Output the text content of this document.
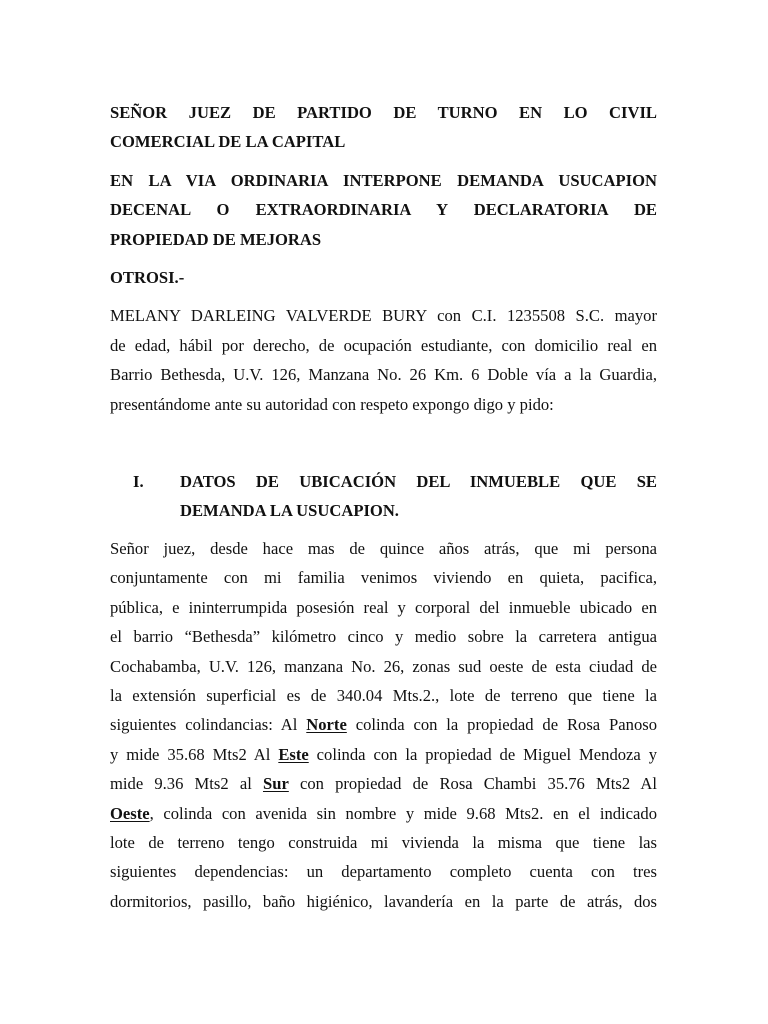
SEÑOR JUEZ DE PARTIDO DE TURNO EN LO CIVIL
COMERCIAL DE LA CAPITAL
EN LA VIA ORDINARIA INTERPONE DEMANDA USUCAPION
DECENAL O EXTRAORDINARIA Y DECLARATORIA DE
PROPIEDAD DE MEJORAS
OTROSI.-
MELANY DARLEING VALVERDE BURY con C.I. 1235508 S.C. mayor
de edad, hábil por derecho, de ocupación estudiante, con domicilio real en
Barrio Bethesda, U.V. 126, Manzana No. 26 Km. 6 Doble vía a la Guardia,
presentándome ante su autoridad con respeto expongo digo y pido:
I. DATOS DE UBICACIÓN DEL INMUEBLE QUE SE
DEMANDA LA USUCAPION.
Señor juez, desde hace mas de quince años atrás, que mi persona
conjuntamente con mi familia venimos viviendo en quieta, pacifica,
pública, e ininterrumpida posesión real y corporal del inmueble ubicado en
el barrio “Bethesda” kilómetro cinco y medio sobre la carretera antigua
Cochabamba, U.V. 126, manzana No. 26, zonas sud oeste de esta ciudad de
la extensión superficial es de 340.04 Mts.2., lote de terreno que tiene la
siguientes colindancias: Al Norte colinda con la propiedad de Rosa Panoso
y mide 35.68 Mts2 Al Este colinda con la propiedad de Miguel Mendoza y
mide 9.36 Mts2 al Sur con propiedad de Rosa Chambi 35.76 Mts2 Al
Oeste, colinda con avenida sin nombre y mide 9.68 Mts2. en el indicado
lote de terreno tengo construida mi vivienda la misma que tiene las
siguientes dependencias: un departamento completo cuenta con tres
dormitorios, pasillo, baño higiénico, lavandería en la parte de atrás, dos
